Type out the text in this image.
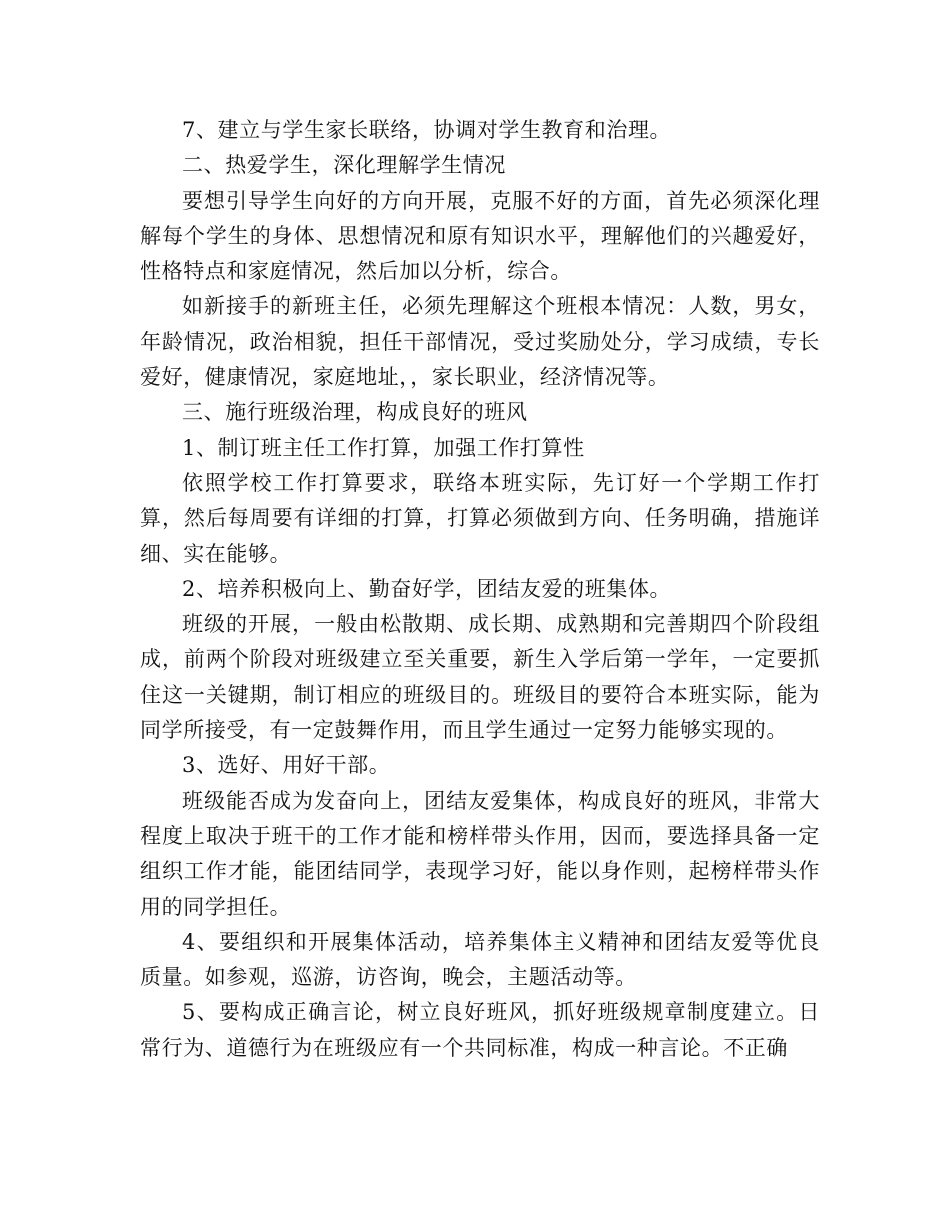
7、建立与学生家长联络，协调对学生教育和治理。

二、热爱学生，深化理解学生情况

要想引导学生向好的方向开展，克服不好的方面，首先必须深化理解每个学生的身体、思想情况和原有知识水平，理解他们的兴趣爱好，性格特点和家庭情况，然后加以分析，综合。

如新接手的新班主任，必须先理解这个班根本情况：人数，男女，年龄情况，政治相貌，担任干部情况，受过奖励处分，学习成绩，专长爱好，健康情况，家庭地址，，家长职业，经济情况等。

三、施行班级治理，构成良好的班风

1、制订班主任工作打算，加强工作打算性

依照学校工作打算要求，联络本班实际，先订好一个学期工作打算，然后每周要有详细的打算，打算必须做到方向、任务明确，措施详细、实在能够。

2、培养积极向上、勤奋好学，团结友爱的班集体。

班级的开展，一般由松散期、成长期、成熟期和完善期四个阶段组成，前两个阶段对班级建立至关重要，新生入学后第一学年，一定要抓住这一关键期，制订相应的班级目的。班级目的要符合本班实际，能为同学所接受，有一定鼓舞作用，而且学生通过一定努力能够实现的。

3、选好、用好干部。

班级能否成为发奋向上，团结友爱集体，构成良好的班风，非常大程度上取决于班干的工作才能和榜样带头作用，因而，要选择具备一定组织工作才能，能团结同学，表现学习好，能以身作则，起榜样带头作用的同学担任。

4、要组织和开展集体活动，培养集体主义精神和团结友爱等优良质量。如参观，巡游，访咨询，晚会，主题活动等。

5、要构成正确言论，树立良好班风，抓好班级规章制度建立。日常行为、道德行为在班级应有一个共同标准，构成一种言论。不正确
